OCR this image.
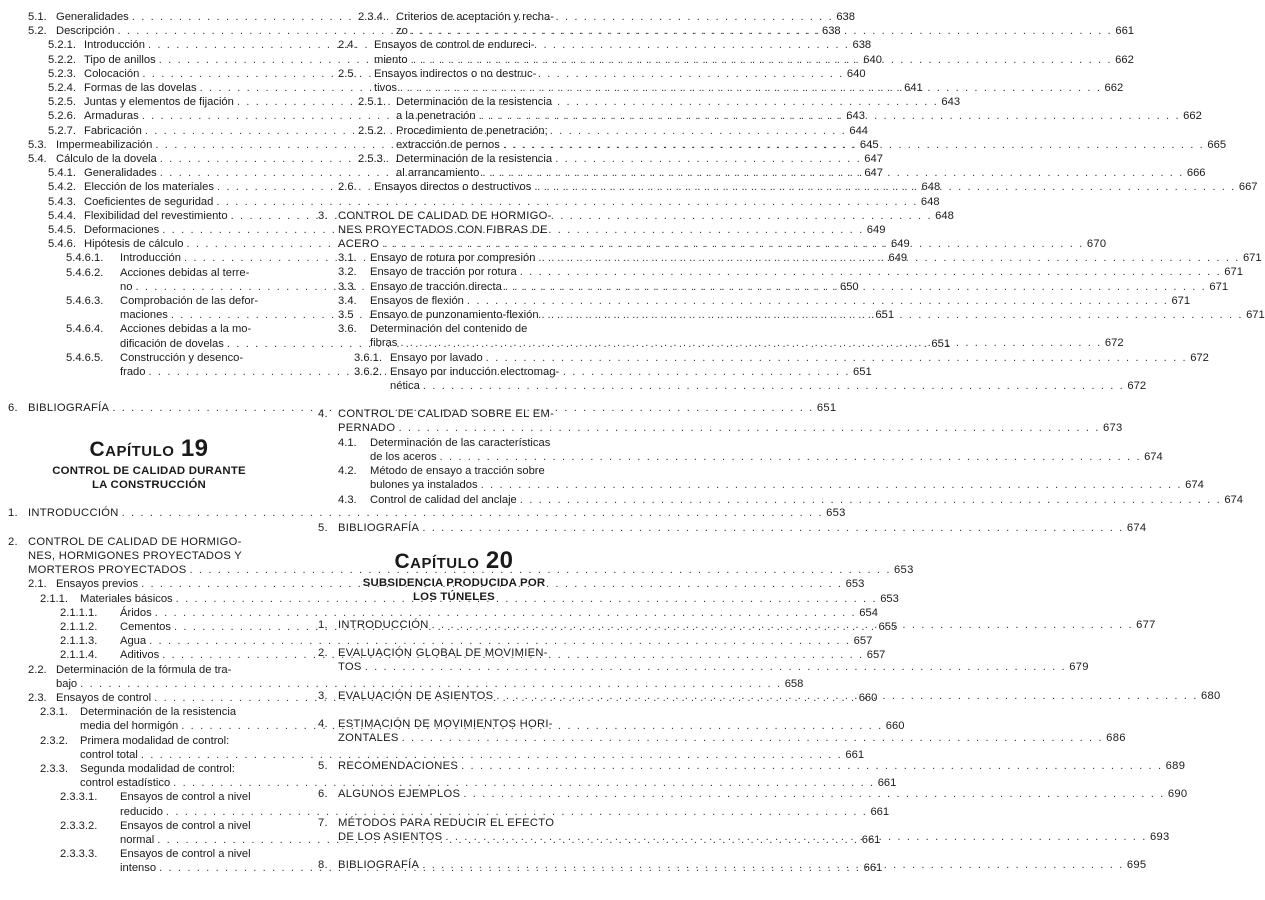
5.1. Generalidades . . .	638
5.2. Descripción . . .	638
5.2.1. Introducción . . .	638
5.2.2. Tipo de anillos . . .	640
5.2.3. Colocación . . .	640
5.2.4. Formas de las dovelas . . .	641
5.2.5. Juntas y elementos de fijación . . .	643
5.2.6. Armaduras . . .	643
5.2.7. Fabricación . . .	644
5.3. Impermeabilización . . .	645
5.4. Cálculo de la dovela . . .	647
5.4.1. Generalidades . . .	647
5.4.2. Elección de los materiales . . .	648
5.4.3. Coeficientes de seguridad . . .	648
5.4.4. Flexibilidad del revestimiento . . .	648
5.4.5. Deformaciones . . .	649
5.4.6. Hipótesis de cálculo . . .	649
5.4.6.1.	Introducción . . .	649
5.4.6.2.	Acciones debidas al terre-
no . . .	650
5.4.6.3.	Comprobación de las defor-
maciones . . .	651
5.4.6.4.	Acciones debidas a la mo-
dificación de dovelas . . .	651
5.4.6.5.	Construcción y desenco-
frado . . .	651
6. BIBLIOGRAFÍA . . .	651
CAPÍTULO 19
CONTROL DE CALIDAD DURANTE
LA CONSTRUCCIÓN
1. INTRODUCCIÓN . . .	653
2. CONTROL DE CALIDAD DE HORMIGO-
NES, HORMIGONES PROYECTADOS Y
MORTEROS PROYECTADOS . . .	653
2.1. Ensayos previos . . .	653
2.1.1.	Materiales básicos . . .	653
2.1.1.1.	Áridos . . .	654
2.1.1.2.	Cementos . . .	655
2.1.1.3.	Agua . . .	657
2.1.1.4.	Aditivos . . .	657
2.2. Determinación de la fórmula de tra-
bajo . . .	658
2.3. Ensayos de control . . .	660
2.3.1.	Determinación de la resistencia
media del hormigón . . .	660
2.3.2.	Primera modalidad de control:
control total . . .	661
2.3.3.	Segunda modalidad de control:
control estadístico . . .	661
2.3.3.1.	Ensayos de control a nivel
reducido . . .	661
2.3.3.2.	Ensayos de control a nivel
normal . . .	661
2.3.3.3.	Ensayos de control a nivel
intenso . . .	661
2.3.4. Criterios de aceptación y recha-
zo . . .	661
2.4.	Ensayos de control de endureci-
miento . . .	662
2.5.	Ensayos indirectos o no destruc-
tivos . . .	662
2.5.1. Determinación de la resistencia
a la penetración . . .	662
2.5.2. Procedimiento de penetración;
extracción de pernos . . .	665
2.5.3. Determinación de la resistencia
al arrancamiento . . .	666
2.6.	Ensayos directos o destructivos . . .	667
3. CONTROL DE CALIDAD DE HORMIGO-
NES PROYECTADOS CON FIBRAS DE
ACERO . . .	670
3.1.	Ensayo de rotura por compresión . . .	671
3.2.	Ensayo de tracción por rotura . . .	671
3.3.	Ensayo de tracción directa . . .	671
3.4.	Ensayos de flexión . . .	671
3.5	Ensayo de punzonamiento-flexión . . .	671
3.6.	Determinación del contenido de
fibras . . .	672
3.6.1. Ensayo por lavado . . .	672
3.6.2. Ensayo por inducción electromag-
nética . . .	672
4. CONTROL DE CALIDAD SOBRE EL EM-
PERNADO . . .	673
4.1.	Determinación de las características
de los aceros . . .	674
4.2.	Método de ensayo a tracción sobre
bulones ya instalados . . .	674
4.3.	Control de calidad del anclaje . . .	674
5. BIBLIOGRAFÍA . . .	674
CAPÍTULO 20
SUBSIDENCIA PRODUCIDA POR
LOS TÚNELES
1. INTRODUCCIÓN . . .	677
2. EVALUACIÓN GLOBAL DE MOVIMIEN-
TOS . . .	679
3. EVALUACIÓN DE ASIENTOS . . .	680
4. ESTIMACIÓN DE MOVIMIENTOS HORI-
ZONTALES . . .	686
5. RECOMENDACIONES . . .	689
6. ALGUNOS EJEMPLOS . . .	690
7. MÉTODOS PARA REDUCIR EL EFECTO
DE LOS ASIENTOS . . .	693
8. BIBLIOGRAFÍA . . .	695
